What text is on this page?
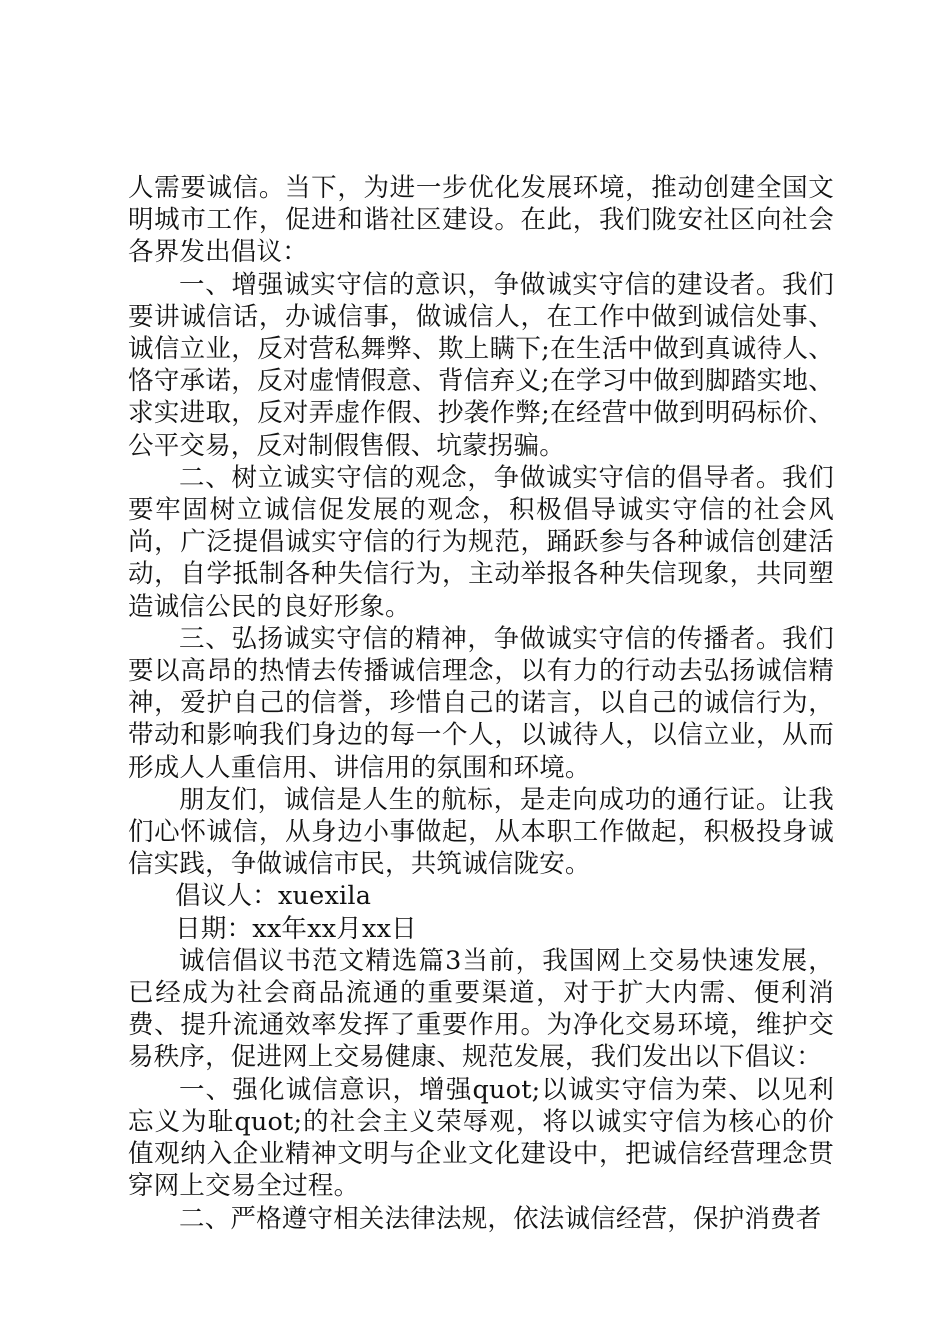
人需要诚信。当下，为进一步优化发展环境，推动创建全国文明城市工作，促进和谐社区建设。在此，我们陇安社区向社会各界发出倡议：

一、增强诚实守信的意识，争做诚实守信的建设者。我们要讲诚信话，办诚信事，做诚信人，在工作中做到诚信处事、诚信立业，反对营私舞弊、欺上瞒下;在生活中做到真诚待人、恪守承诺，反对虚情假意、背信弃义;在学习中做到脚踏实地、求实进取，反对弄虚作假、抄袭作弊;在经营中做到明码标价、公平交易，反对制假售假、坑蒙拐骗。

二、树立诚实守信的观念，争做诚实守信的倡导者。我们要牢固树立诚信促发展的观念，积极倡导诚实守信的社会风尚，广泛提倡诚实守信的行为规范，踊跃参与各种诚信创建活动，自学抵制各种失信行为，主动举报各种失信现象，共同塑造诚信公民的良好形象。

三、弘扬诚实守信的精神，争做诚实守信的传播者。我们要以高昂的热情去传播诚信理念，以有力的行动去弘扬诚信精神，爱护自己的信誉，珍惜自己的诺言，以自己的诚信行为，带动和影响我们身边的每一个人，以诚待人，以信立业，从而形成人人重信用、讲信用的氛围和环境。

朋友们，诚信是人生的航标，是走向成功的通行证。让我们心怀诚信，从身边小事做起，从本职工作做起，积极投身诚信实践，争做诚信市民，共筑诚信陇安。

倡议人：xuexila

日期：xx年xx月xx日

诚信倡议书范文精选篇3当前，我国网上交易快速发展，已经成为社会商品流通的重要渠道，对于扩大内需、便利消费、提升流通效率发挥了重要作用。为净化交易环境，维护交易秩序，促进网上交易健康、规范发展，我们发出以下倡议：

一、强化诚信意识，增强quot;以诚实守信为荣、以见利忘义为耻quot;的社会主义荣辱观，将以诚实守信为核心的价值观纳入企业精神文明与企业文化建设中，把诚信经营理念贯穿网上交易全过程。

二、严格遵守相关法律法规，依法诚信经营，保护消费者
